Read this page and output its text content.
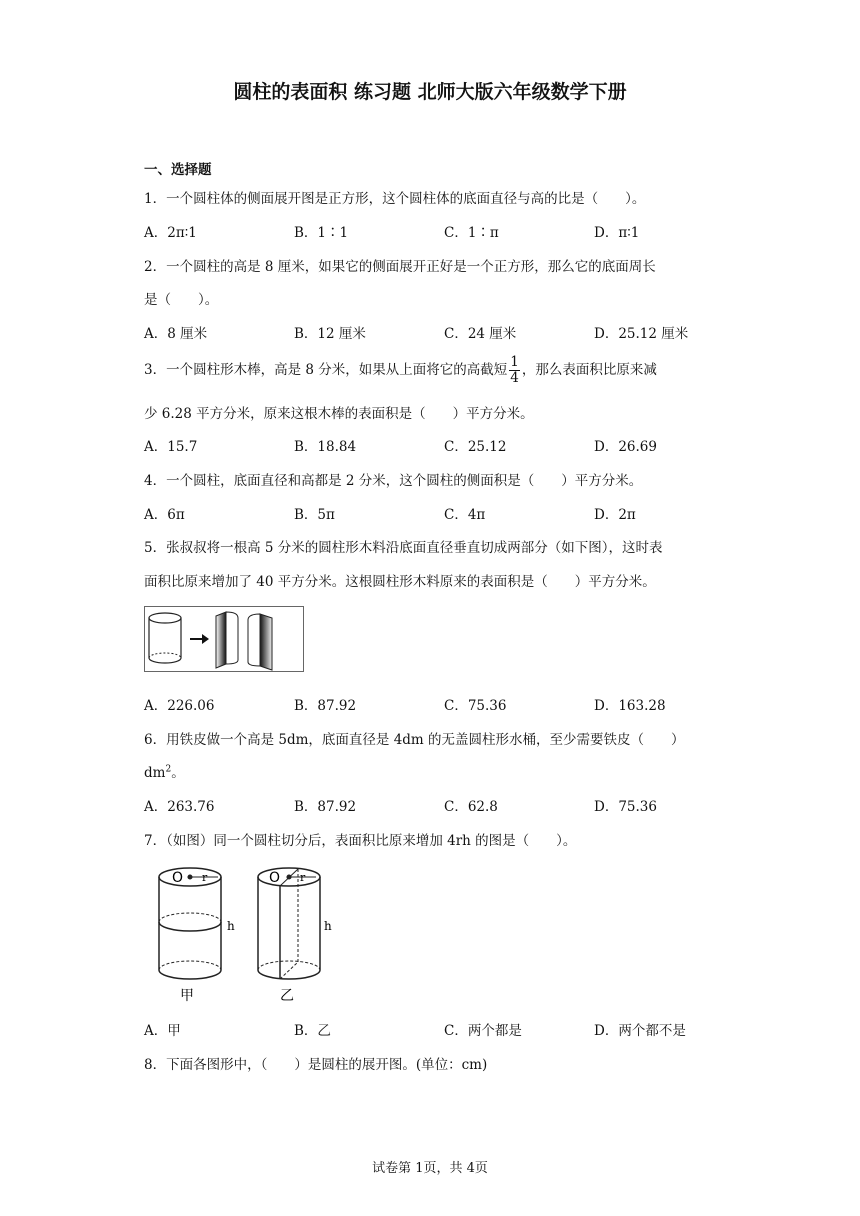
圆柱的表面积 练习题 北师大版六年级数学下册
一、选择题
1．一个圆柱体的侧面展开图是正方形，这个圆柱体的底面直径与高的比是（　　）。
A．2π∶1	B．1∶1	C．1∶π	D．π∶1
2．一个圆柱的高是 8 厘米，如果它的侧面展开正好是一个正方形，那么它的底面周长
是（　　）。
A．8 厘米	B．12 厘米	C．24 厘米	D．25.12 厘米
3．一个圆柱形木棒，高是 8 分米，如果从上面将它的高截短 $\frac{1}{4}$ ，那么表面积比原来减
少 6.28 平方分米，原来这根木棒的表面积是（　　）平方分米。
A．15.7	B．18.84	C．25.12	D．26.69
4．一个圆柱，底面直径和高都是 2 分米，这个圆柱的侧面积是（　　）平方分米。
A．6π	B．5π	C．4π	D．2π
5．张叔叔将一根高 5 分米的圆柱形木料沿底面直径垂直切成两部分（如下图），这时表
面积比原来增加了 40 平方分米。这根圆柱形木料原来的表面积是（　　）平方分米。
A．226.06	B．87.92	C．75.36	D．163.28
6．用铁皮做一个高是 5dm，底面直径是 4dm 的无盖圆柱形水桶，至少需要铁皮（　　）
$dm^2$。
A．263.76	B．87.92	C．62.8	D．75.36
7．（如图）同一个圆柱切分后，表面积比原来增加 4rh 的图是（　　）。
O r
h
甲
O r
h
乙
A．甲	B．乙	C．两个都是	D．两个都不是
8．下面各图形中，（　　）是圆柱的展开图。(单位：cm)
试卷第 1页，共 4页
